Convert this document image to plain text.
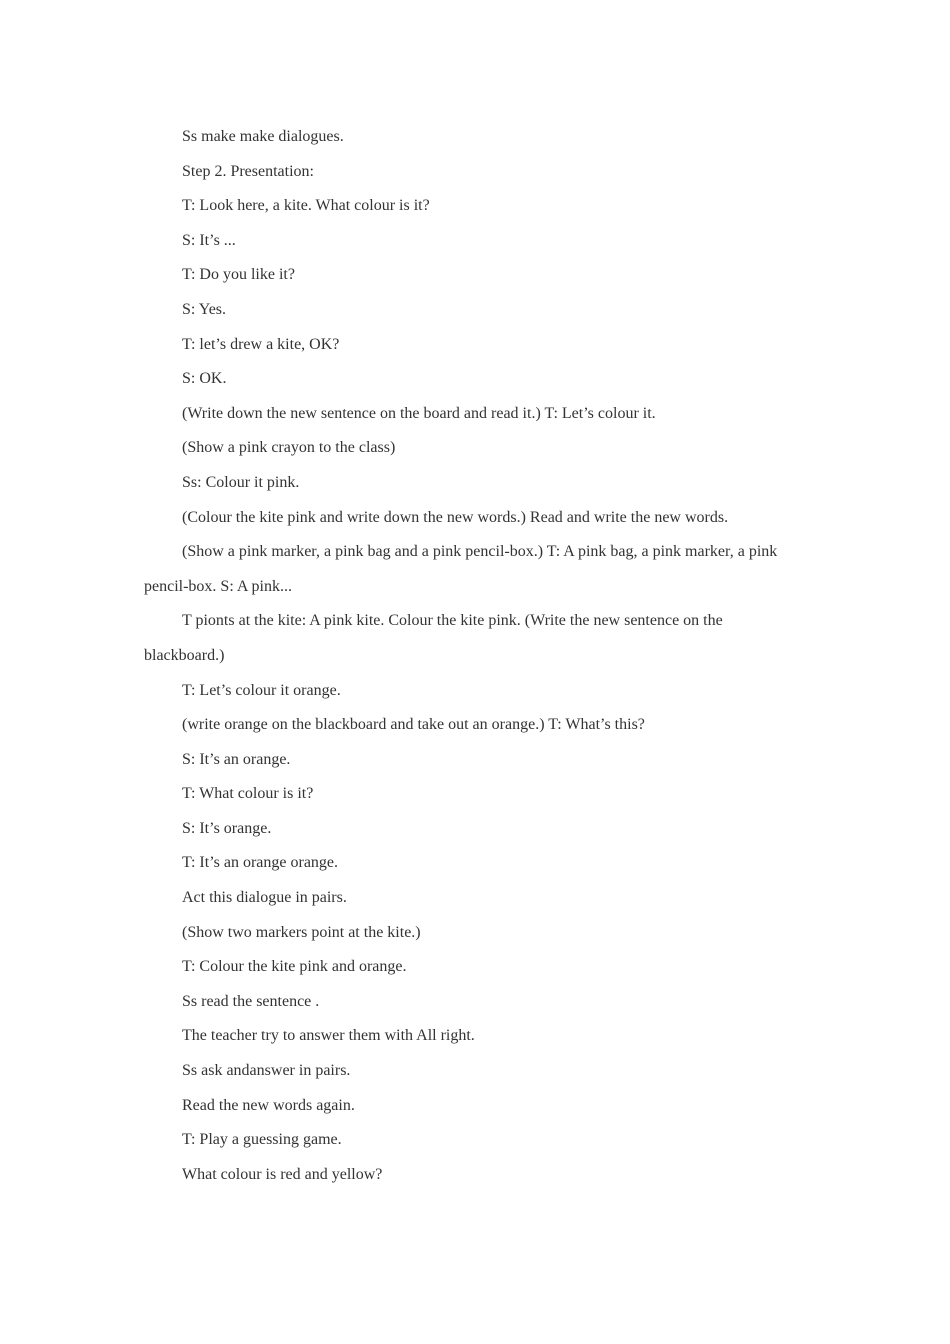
Ss make make dialogues.

Step 2. Presentation:

T: Look here, a kite. What colour is it?

S: It’s ...

T: Do you like it?

S: Yes.

T: let’s drew a kite, OK?

S: OK.

(Write down the new sentence on the board and read it.) T: Let’s colour it.

(Show a pink crayon to the class)

Ss: Colour it pink.

(Colour the kite pink and write down the new words.) Read and write the new words.

(Show a pink marker, a pink bag and a pink pencil-box.) T: A pink bag, a pink marker, a pink pencil-box. S: A pink...

T pionts at the kite: A pink kite. Colour the kite pink. (Write the new sentence on the blackboard.)

T: Let’s colour it orange.

(write orange on the blackboard and take out an orange.) T: What’s this?

S: It’s an orange.

T: What colour is it?

S: It’s orange.

T: It’s an orange orange.

Act this dialogue in pairs.

(Show two markers point at the kite.)

T: Colour the kite pink and orange.

Ss read the sentence .

The teacher try to answer them with All right.

Ss ask andanswer in pairs.

Read the new words again.

T: Play a guessing game.

What colour is red and yellow?
